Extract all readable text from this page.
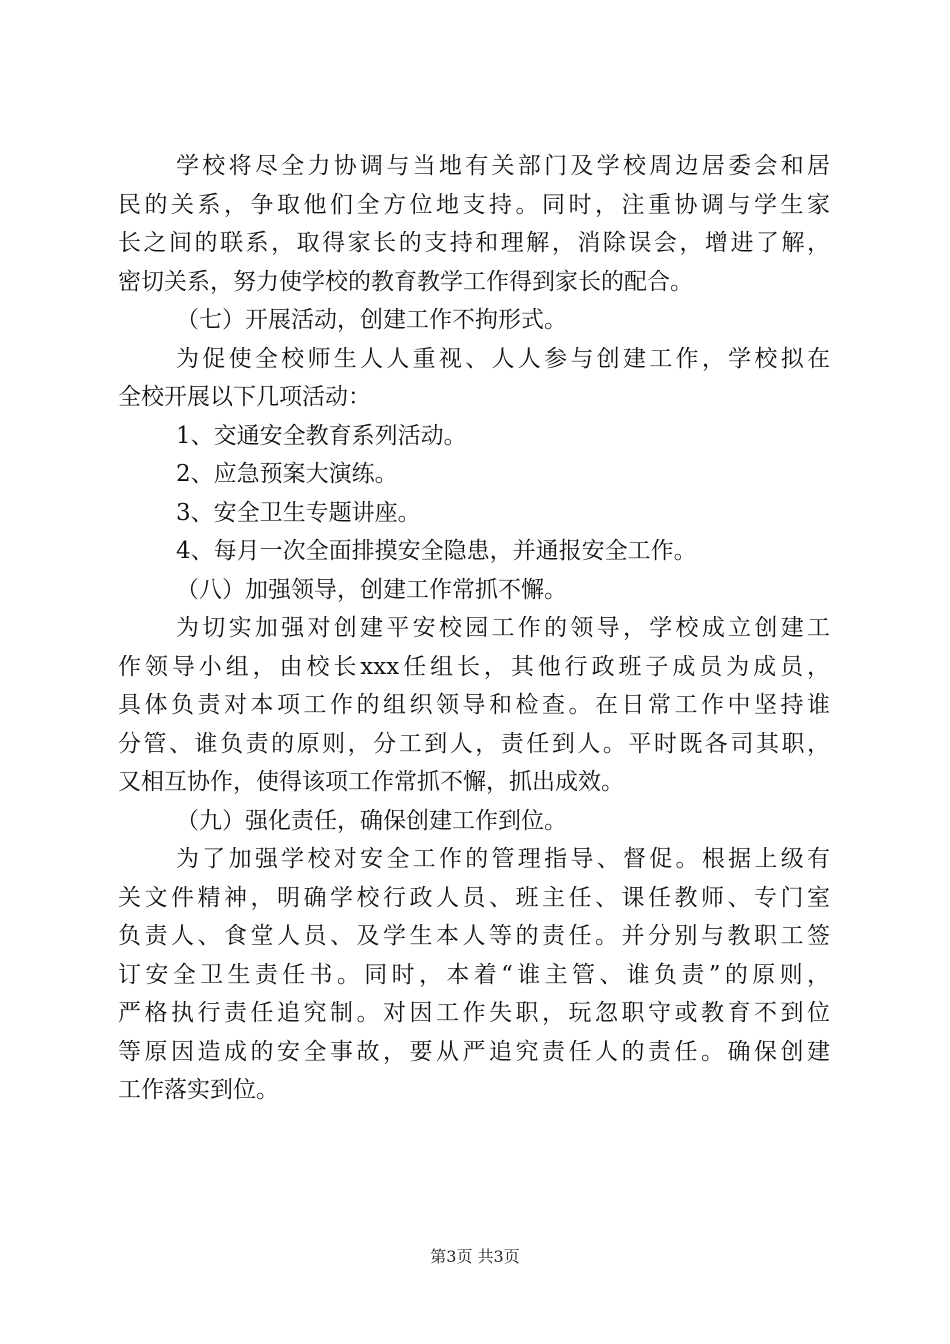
学校将尽全力协调与当地有关部门及学校周边居委会和居
民的关系，争取他们全方位地支持。同时，注重协调与学生家
长之间的联系，取得家长的支持和理解，消除误会，增进了解，
密切关系，努力使学校的教育教学工作得到家长的配合。
（七）开展活动，创建工作不拘形式。
为促使全校师生人人重视、人人参与创建工作，学校拟在
全校开展以下几项活动：
1、交通安全教育系列活动。
2、应急预案大演练。
3、安全卫生专题讲座。
4、每月一次全面排摸安全隐患，并通报安全工作。
（八）加强领导，创建工作常抓不懈。
为切实加强对创建平安校园工作的领导，学校成立创建工
作领导小组，由校长xxx任组长，其他行政班子成员为成员，
具体负责对本项工作的组织领导和检查。在日常工作中坚持谁
分管、谁负责的原则，分工到人，责任到人。平时既各司其职，
又相互协作，使得该项工作常抓不懈，抓出成效。
（九）强化责任，确保创建工作到位。
为了加强学校对安全工作的管理指导、督促。根据上级有
关文件精神，明确学校行政人员、班主任、课任教师、专门室
负责人、食堂人员、及学生本人等的责任。并分别与教职工签
订安全卫生责任书。同时，本着“谁主管、谁负责”的原则，
严格执行责任追究制。对因工作失职，玩忽职守或教育不到位
等原因造成的安全事故，要从严追究责任人的责任。确保创建
工作落实到位。
第3页 共3页
